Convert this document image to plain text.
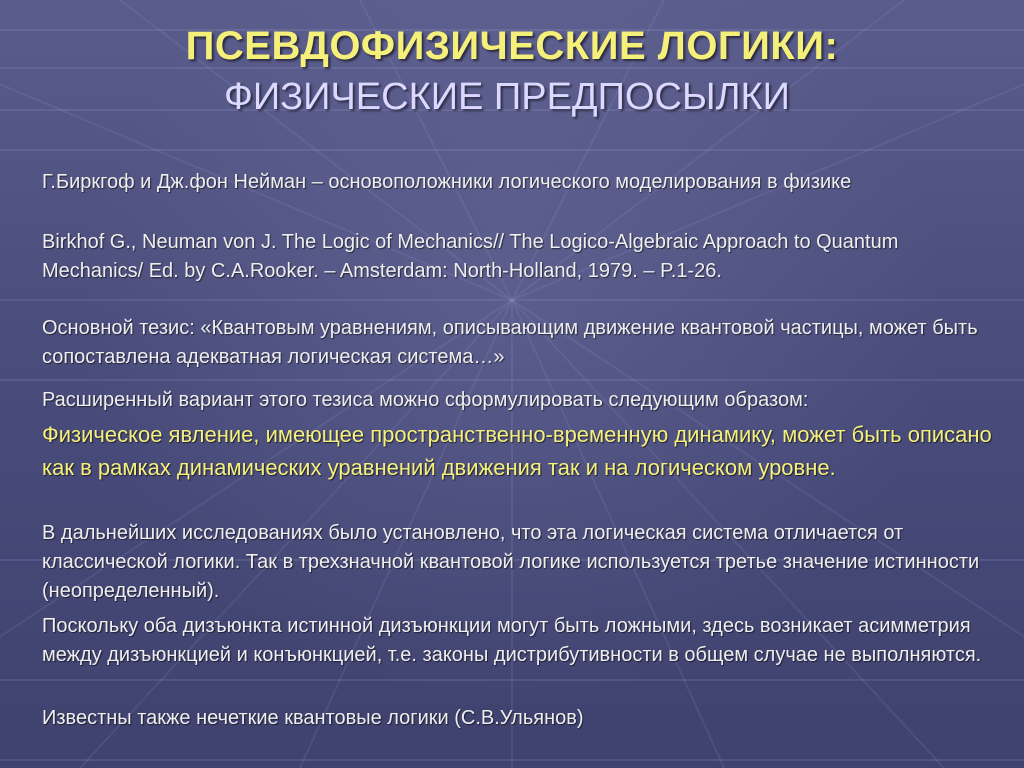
ПСЕВДОФИЗИЧЕСКИЕ ЛОГИКИ:
ФИЗИЧЕСКИЕ ПРЕДПОСЫЛКИ
Г.Биркгоф и Дж.фон Нейман – основоположники логического моделирования в физике
Birkhof G., Neuman von J. The Logic of Mechanics// The Logico-Algebraic Approach to Quantum Mechanics/ Ed. by C.A.Rooker. – Amsterdam: North-Holland, 1979. – P.1-26.
Основной тезис: «Квантовым уравнениям, описывающим движение квантовой частицы, может быть сопоставлена адекватная логическая система…»
Расширенный вариант этого тезиса можно сформулировать следующим образом:
Физическое явление, имеющее пространственно-временную динамику, может быть описано как в рамках динамических уравнений движения так и на логическом уровне.
В дальнейших исследованиях было установлено, что эта логическая система отличается от классической логики. Так в трехзначной квантовой логике используется третье значение истинности (неопределенный).
Поскольку оба дизъюнкта истинной дизъюнкции могут быть ложными, здесь возникает асимметрия между дизъюнкцией и конъюнкцией, т.е. законы дистрибутивности в общем случае не выполняются.
Известны также нечеткие квантовые логики (С.В.Ульянов)
